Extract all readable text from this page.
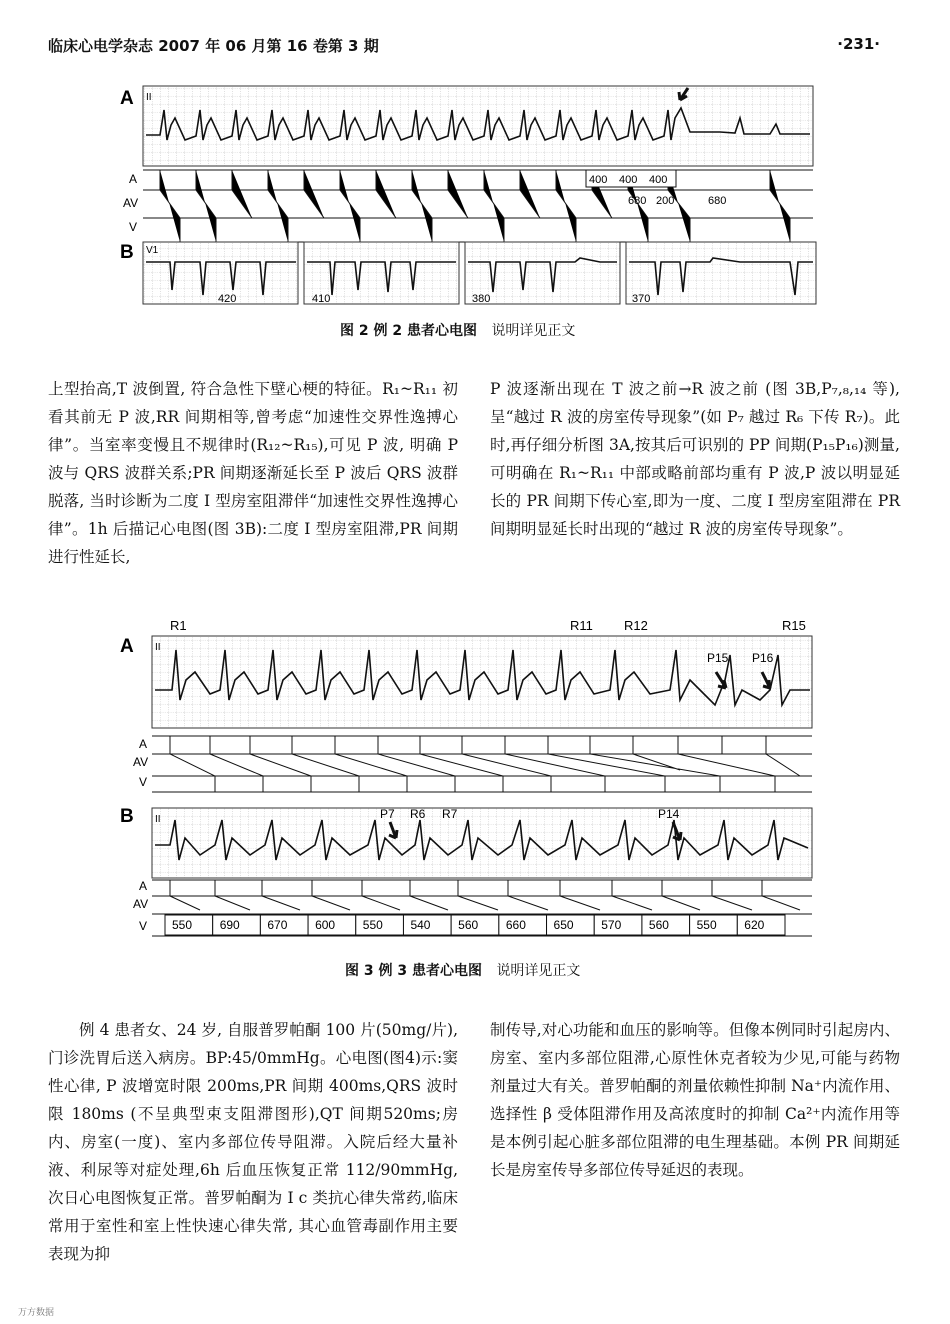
临床心电学杂志 2007 年 06 月第 16 卷第 3 期	·231·
A II
A
AV
V
400 400 400
680 200	680
B V1
420	410	380	370
A II
R1	R11 R12	R15
P15 P16
A
AV
V
B II	P7 R6 R7	P14
A
AV
V 550 690 670 600 550 540 560 660 650 570 560 550 620
图 2 例 2 患者心电图 说明详见正文
图 3 例 3 患者心电图 说明详见正文

上型抬高,T 波倒置, 符合急性下壁心梗的特征。R₁~R₁₁ 初看其前无 P 波,RR 间期相等,曾考虑“加速性交界性逸搏心律”。当室率变慢且不规律时(R₁₂~R₁₅),可见 P 波, 明确 P 波与 QRS 波群关系;PR 间期逐渐延长至 P 波后 QRS 波群脱落, 当时诊断为二度 I 型房室阻滞伴“加速性交界性逸搏心律”。1h 后描记心电图(图 3B):二度 I 型房室阻滞,PR 间期进行性延长,

P 波逐渐出现在 T 波之前→R 波之前 (图 3B,P₇,₈,₁₄ 等),呈“越过 R 波的房室传导现象”(如 P₇ 越过 R₆ 下传 R₇)。此时,再仔细分析图 3A,按其后可识别的 PP 间期(P₁₅P₁₆)测量,可明确在 R₁~R₁₁ 中部或略前部均重有 P 波,P 波以明显延长的 PR 间期下传心室,即为一度、二度 I 型房室阻滞在 PR 间期明显延长时出现的“越过 R 波的房室传导现象”。

例 4 患者女、24 岁, 自服普罗帕酮 100 片(50mg/片),门诊洗胃后送入病房。BP:45/0mmHg。心电图(图4)示:窦性心律, P 波增宽时限 200ms,PR 间期 400ms,QRS 波时限 180ms (不呈典型束支阻滞图形),QT 间期520ms;房内、房室(一度)、室内多部位传导阻滞。入院后经大量补液、利尿等对症处理,6h 后血压恢复正常 112/90mmHg,次日心电图恢复正常。普罗帕酮为 I c 类抗心律失常药,临床常用于室性和室上性快速心律失常, 其心血管毒副作用主要表现为抑

制传导,对心功能和血压的影响等。但像本例同时引起房内、房室、室内多部位阻滞,心原性休克者较为少见,可能与药物剂量过大有关。普罗帕酮的剂量依赖性抑制 Na⁺内流作用、选择性 β 受体阻滞作用及高浓度时的抑制 Ca²⁺内流作用等是本例引起心脏多部位阻滞的电生理基础。本例 PR 间期延长是房室传导多部位传导延迟的表现。

万方数据
